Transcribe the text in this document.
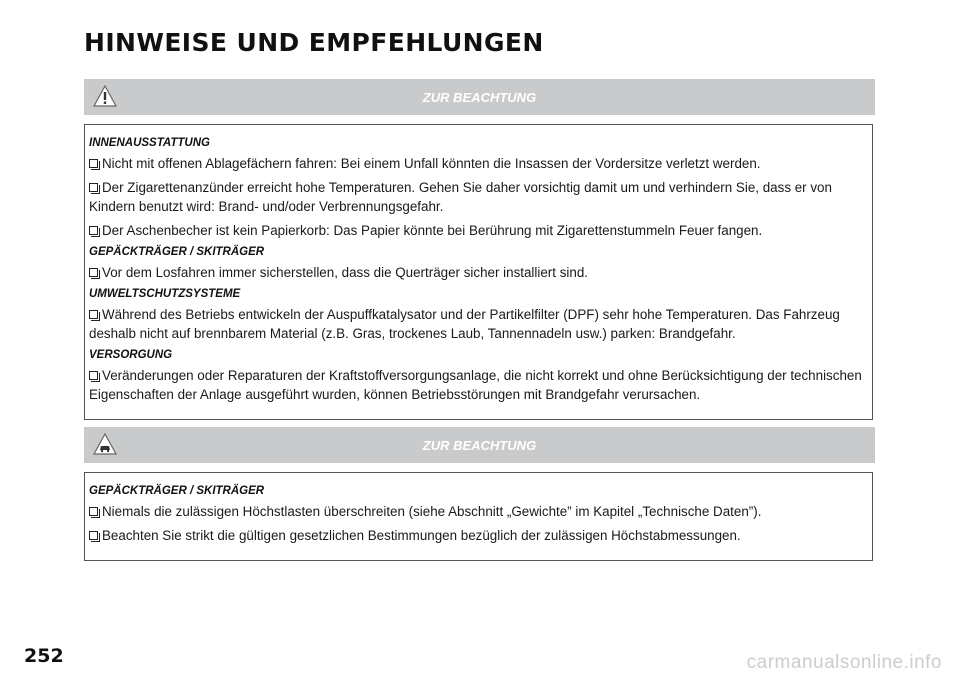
HINWEISE UND EMPFEHLUNGEN
ZUR BEACHTUNG
INNENAUSSTATTUNG
Nicht mit offenen Ablagefächern fahren: Bei einem Unfall könnten die Insassen der Vordersitze verletzt werden.
Der Zigarettenanzünder erreicht hohe Temperaturen. Gehen Sie daher vorsichtig damit um und verhindern Sie, dass er von Kindern benutzt wird: Brand- und/oder Verbrennungsgefahr.
Der Aschenbecher ist kein Papierkorb: Das Papier könnte bei Berührung mit Zigarettenstummeln Feuer fangen.
GEPÄCKTRÄGER / SKITRÄGER
Vor dem Losfahren immer sicherstellen, dass die Querträger sicher installiert sind.
UMWELTSCHUTZSYSTEME
Während des Betriebs entwickeln der Auspuffkatalysator und der Partikelfilter (DPF) sehr hohe Temperaturen. Das Fahrzeug deshalb nicht auf brennbarem Material (z.B. Gras, trockenes Laub, Tannennadeln usw.) parken: Brandgefahr.
VERSORGUNG
Veränderungen oder Reparaturen der Kraftstoffversorgungsanlage, die nicht korrekt und ohne Berücksichtigung der technischen Eigenschaften der Anlage ausgeführt wurden, können Betriebsstörungen mit Brandgefahr verursachen.
ZUR BEACHTUNG
GEPÄCKTRÄGER / SKITRÄGER
Niemals die zulässigen Höchstlasten überschreiten (siehe Abschnitt „Gewichte” im Kapitel „Technische Daten”).
Beachten Sie strikt die gültigen gesetzlichen Bestimmungen bezüglich der zulässigen Höchstabmessungen.
252	carmanualsonline.info
